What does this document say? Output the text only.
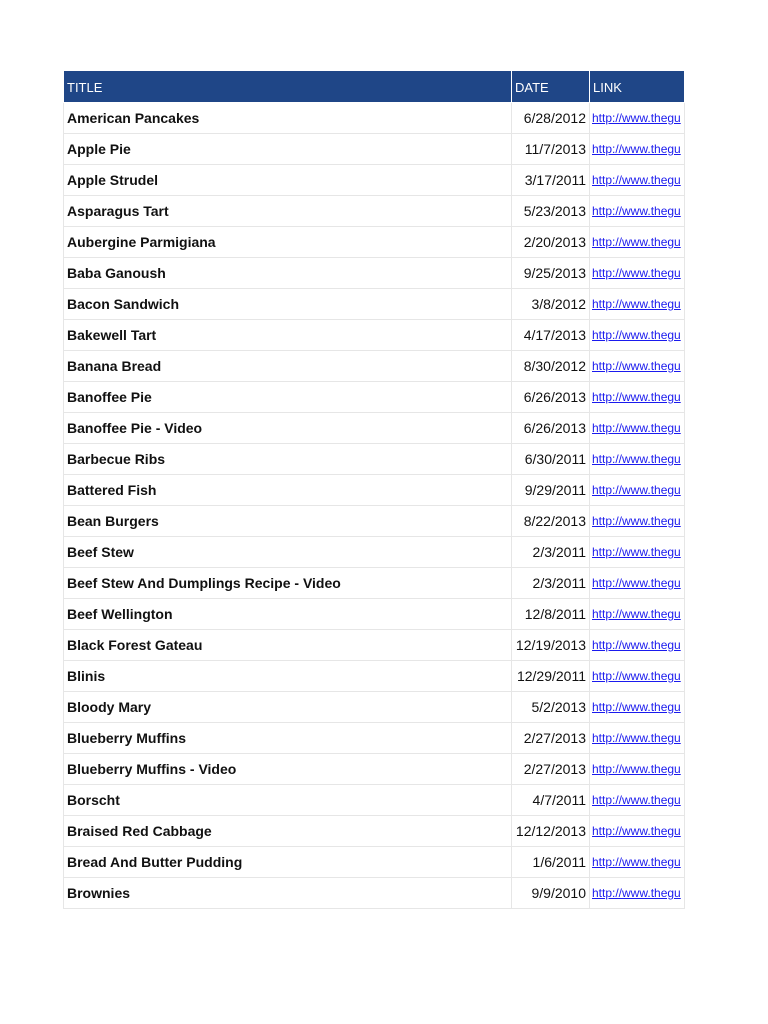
TITLE	DATE	LINK
American Pancakes	6/28/2012	http://www.thegu
Apple Pie	11/7/2013	http://www.thegu
Apple Strudel	3/17/2011	http://www.thegu
Asparagus Tart	5/23/2013	http://www.thegu
Aubergine Parmigiana	2/20/2013	http://www.thegu
Baba Ganoush	9/25/2013	http://www.thegu
Bacon Sandwich	3/8/2012	http://www.thegu
Bakewell Tart	4/17/2013	http://www.thegu
Banana Bread	8/30/2012	http://www.thegu
Banoffee Pie	6/26/2013	http://www.thegu
Banoffee Pie - Video	6/26/2013	http://www.thegu
Barbecue Ribs	6/30/2011	http://www.thegu
Battered Fish	9/29/2011	http://www.thegu
Bean Burgers	8/22/2013	http://www.thegu
Beef Stew	2/3/2011	http://www.thegu
Beef Stew And Dumplings Recipe - Video	2/3/2011	http://www.thegu
Beef Wellington	12/8/2011	http://www.thegu
Black Forest Gateau	12/19/2013	http://www.thegu
Blinis	12/29/2011	http://www.thegu
Bloody Mary	5/2/2013	http://www.thegu
Blueberry Muffins	2/27/2013	http://www.thegu
Blueberry Muffins - Video	2/27/2013	http://www.thegu
Borscht	4/7/2011	http://www.thegu
Braised Red Cabbage	12/12/2013	http://www.thegu
Bread And Butter Pudding	1/6/2011	http://www.thegu
Brownies	9/9/2010	http://www.thegu
